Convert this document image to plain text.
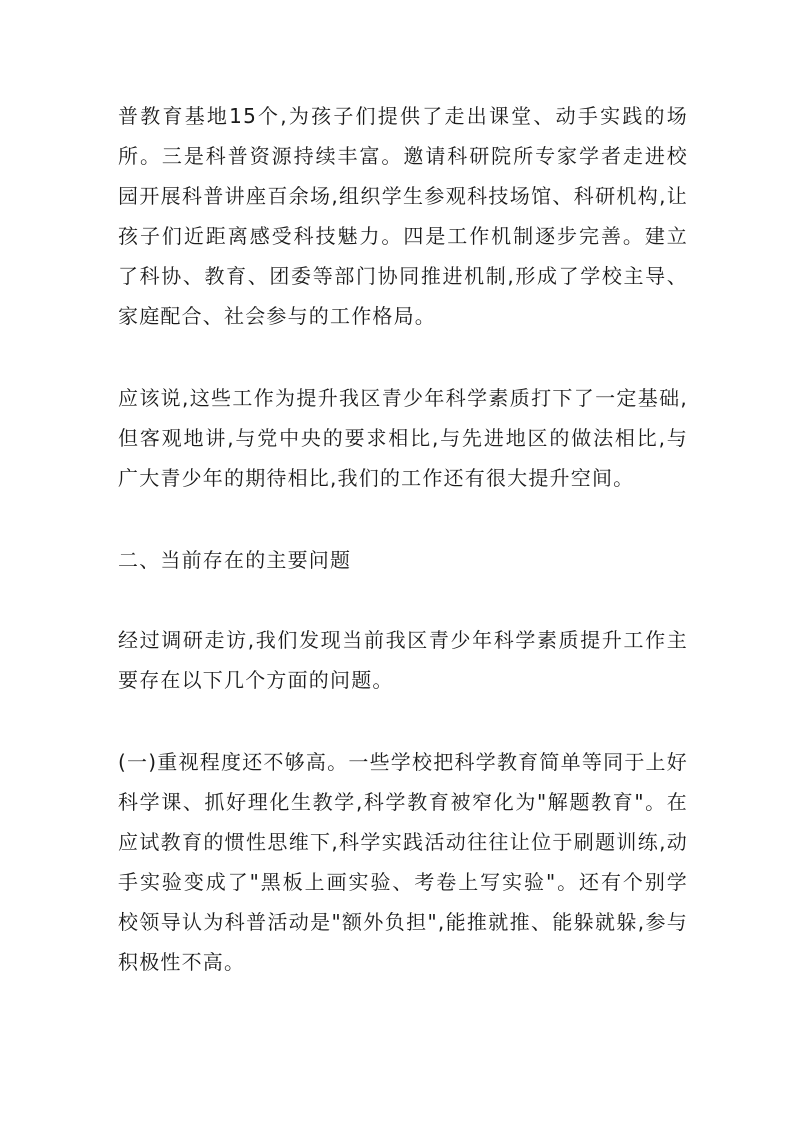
普教育基地15个,为孩子们提供了走出课堂、动手实践的场所。三是科普资源持续丰富。邀请科研院所专家学者走进校园开展科普讲座百余场,组织学生参观科技场馆、科研机构,让孩子们近距离感受科技魅力。四是工作机制逐步完善。建立了科协、教育、团委等部门协同推进机制,形成了学校主导、家庭配合、社会参与的工作格局。

应该说,这些工作为提升我区青少年科学素质打下了一定基础,但客观地讲,与党中央的要求相比,与先进地区的做法相比,与广大青少年的期待相比,我们的工作还有很大提升空间。

二、当前存在的主要问题

经过调研走访,我们发现当前我区青少年科学素质提升工作主要存在以下几个方面的问题。

(一)重视程度还不够高。一些学校把科学教育简单等同于上好科学课、抓好理化生教学,科学教育被窄化为"解题教育"。在应试教育的惯性思维下,科学实践活动往往让位于刷题训练,动手实验变成了"黑板上画实验、考卷上写实验"。还有个别学校领导认为科普活动是"额外负担",能推就推、能躲就躲,参与积极性不高。
